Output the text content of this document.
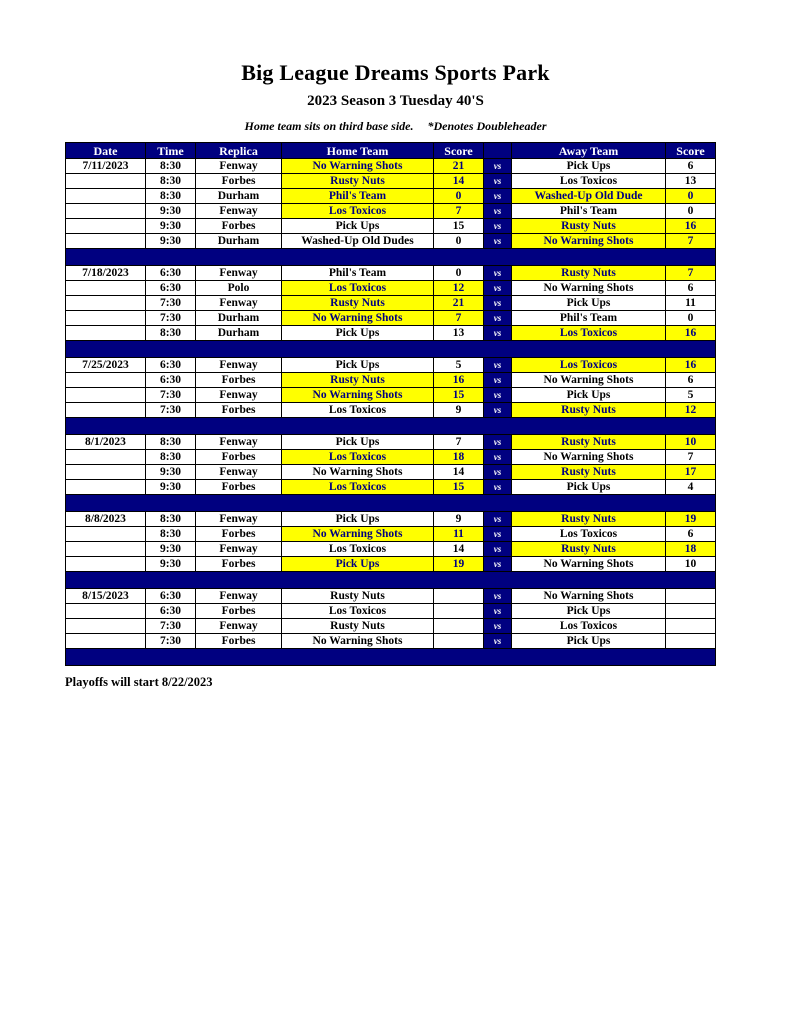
Big League Dreams Sports Park
2023 Season 3 Tuesday 40'S

Home team sits on third base side. *Denotes Doubleheader

Date	Time	Replica	Home Team	Score		Away Team	Score
7/11/2023	8:30	Fenway	No Warning Shots	21	vs	Pick Ups	6
	8:30	Forbes	Rusty Nuts	14	vs	Los Toxicos	13
	8:30	Durham	Phil's Team	0	vs	Washed-Up Old Dude	0
	9:30	Fenway	Los Toxicos	7	vs	Phil's Team	0
	9:30	Forbes	Pick Ups	15	vs	Rusty Nuts	16
	9:30	Durham	Washed-Up Old Dudes	0	vs	No Warning Shots	7

7/18/2023	6:30	Fenway	Phil's Team	0	vs	Rusty Nuts	7
	6:30	Polo	Los Toxicos	12	vs	No Warning Shots	6
	7:30	Fenway	Rusty Nuts	21	vs	Pick Ups	11
	7:30	Durham	No Warning Shots	7	vs	Phil's Team	0
	8:30	Durham	Pick Ups	13	vs	Los Toxicos	16

7/25/2023	6:30	Fenway	Pick Ups	5	vs	Los Toxicos	16
	6:30	Forbes	Rusty Nuts	16	vs	No Warning Shots	6
	7:30	Fenway	No Warning Shots	15	vs	Pick Ups	5
	7:30	Forbes	Los Toxicos	9	vs	Rusty Nuts	12

8/1/2023	8:30	Fenway	Pick Ups	7	vs	Rusty Nuts	10
	8:30	Forbes	Los Toxicos	18	vs	No Warning Shots	7
	9:30	Fenway	No Warning Shots	14	vs	Rusty Nuts	17
	9:30	Forbes	Los Toxicos	15	vs	Pick Ups	4

8/8/2023	8:30	Fenway	Pick Ups	9	vs	Rusty Nuts	19
	8:30	Forbes	No Warning Shots	11	vs	Los Toxicos	6
	9:30	Fenway	Los Toxicos	14	vs	Rusty Nuts	18
	9:30	Forbes	Pick Ups	19	vs	No Warning Shots	10

8/15/2023	6:30	Fenway	Rusty Nuts		vs	No Warning Shots	
	6:30	Forbes	Los Toxicos		vs	Pick Ups	
	7:30	Fenway	Rusty Nuts		vs	Los Toxicos	
	7:30	Forbes	No Warning Shots		vs	Pick Ups	

Playoffs will start 8/22/2023
